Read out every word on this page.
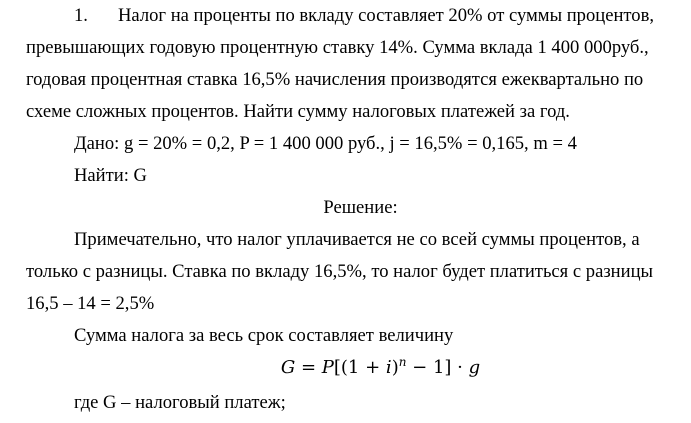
1. Налог на проценты по вкладу составляет 20% от суммы процентов,
превышающих годовую процентную ставку 14%. Сумма вклада 1 400 000руб.,
годовая процентная ставка 16,5% начисления производятся ежеквартально по
схеме сложных процентов. Найти сумму налоговых платежей за год.
Дано: g = 20% = 0,2, P = 1 400 000 руб., j = 16,5% = 0,165, m = 4
Найти: G
Решение:
Примечательно, что налог уплачивается не со всей суммы процентов, а
только с разницы. Ставка по вкладу 16,5%, то налог будет платиться с разницы
16,5 – 14 = 2,5%
Сумма налога за весь срок составляет величину
$G = P[(1 + i)^n - 1] \cdot g$
где G – налоговый платеж;
